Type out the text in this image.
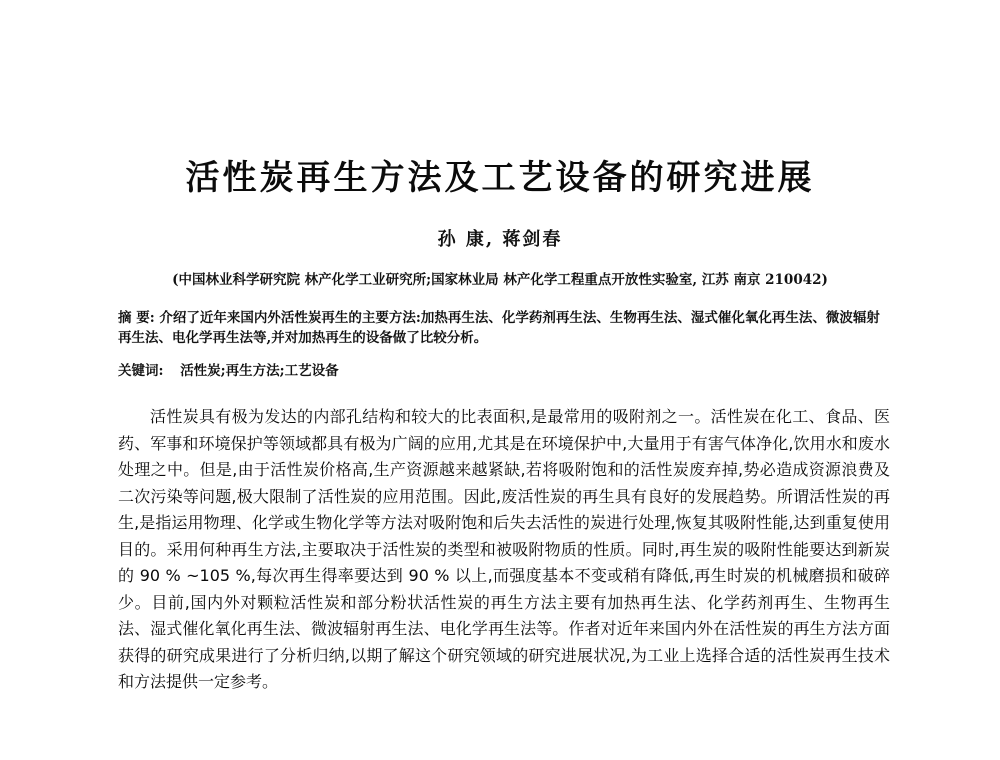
活性炭再生方法及工艺设备的研究进展
孙 康, 蒋剑春
(中国林业科学研究院 林产化学工业研究所;国家林业局 林产化学工程重点开放性实验室, 江苏 南京 210042)
摘 要: 介绍了近年来国内外活性炭再生的主要方法:加热再生法、化学药剂再生法、生物再生法、湿式催化氧化再生法、微波辐射再生法、电化学再生法等,并对加热再生的设备做了比较分析。
关键词: 活性炭;再生方法;工艺设备
活性炭具有极为发达的内部孔结构和较大的比表面积,是最常用的吸附剂之一。活性炭在化工、食品、医药、军事和环境保护等领域都具有极为广阔的应用,尤其是在环境保护中,大量用于有害气体净化,饮用水和废水处理之中。但是,由于活性炭价格高,生产资源越来越紧缺,若将吸附饱和的活性炭废弃掉,势必造成资源浪费及二次污染等问题,极大限制了活性炭的应用范围。因此,废活性炭的再生具有良好的发展趋势。所谓活性炭的再生,是指运用物理、化学或生物化学等方法对吸附饱和后失去活性的炭进行处理,恢复其吸附性能,达到重复使用目的。采用何种再生方法,主要取决于活性炭的类型和被吸附物质的性质。同时,再生炭的吸附性能要达到新炭的 90 % ~105 %,每次再生得率要达到 90 % 以上,而强度基本不变或稍有降低,再生时炭的机械磨损和破碎少。目前,国内外对颗粒活性炭和部分粉状活性炭的再生方法主要有加热再生法、化学药剂再生、生物再生法、湿式催化氧化再生法、微波辐射再生法、电化学再生法等。作者对近年来国内外在活性炭的再生方法方面获得的研究成果进行了分析归纳,以期了解这个研究领域的研究进展状况,为工业上选择合适的活性炭再生技术和方法提供一定参考。
